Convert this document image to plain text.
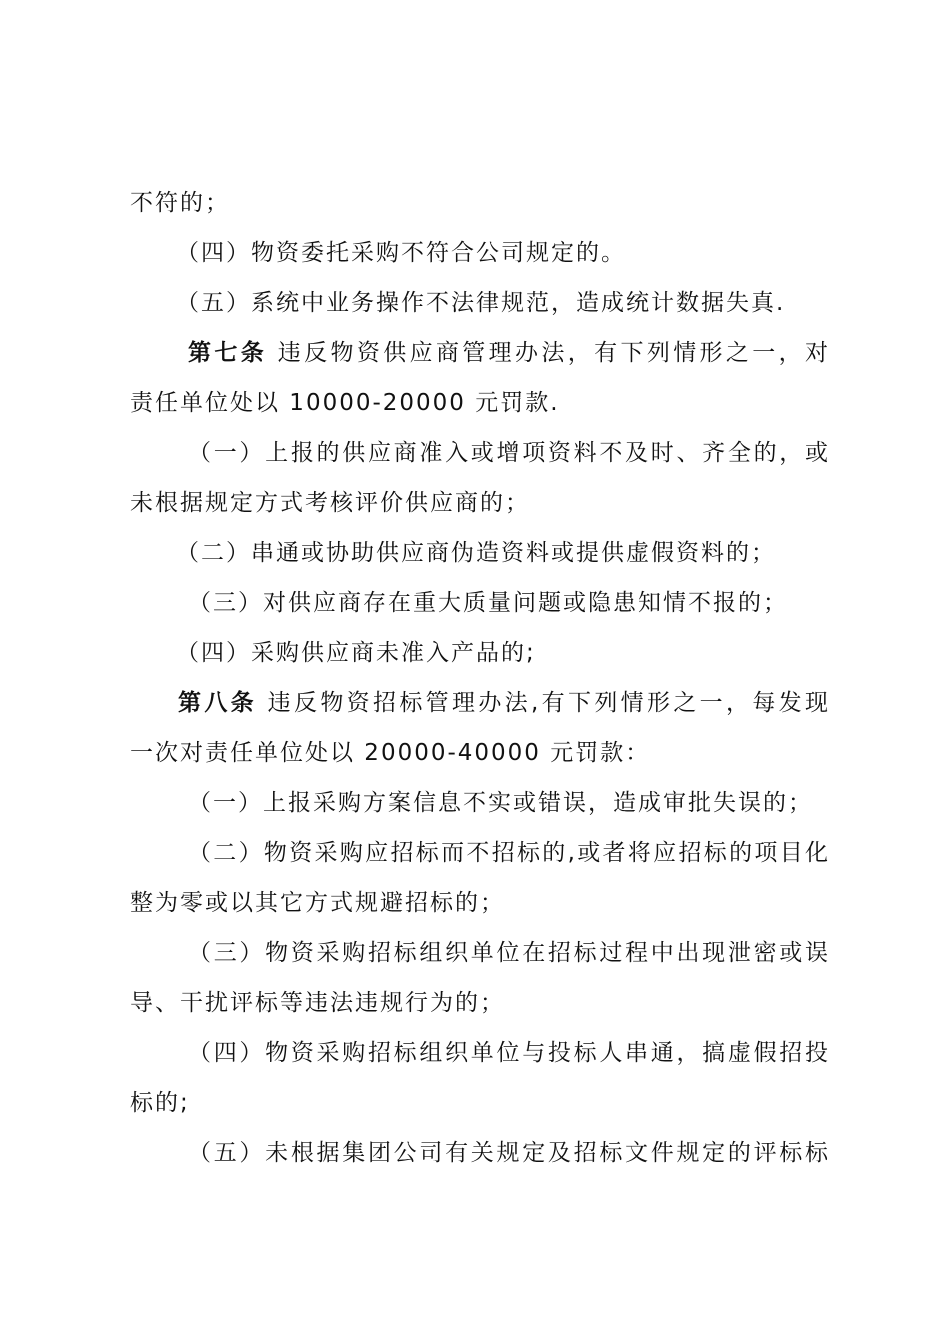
不符的；
（四）物资委托采购不符合公司规定的。
（五）系统中业务操作不法律规范，造成统计数据失真.
第七条 违反物资供应商管理办法，有下列情形之一，对
责任单位处以 10000-20000 元罚款.
（一）上报的供应商准入或增项资料不及时、齐全的，或
未根据规定方式考核评价供应商的；
（二）串通或协助供应商伪造资料或提供虚假资料的；
（三）对供应商存在重大质量问题或隐患知情不报的；
（四）采购供应商未准入产品的;
第八条 违反物资招标管理办法,有下列情形之一，每发现
一次对责任单位处以 20000-40000 元罚款：
（一）上报采购方案信息不实或错误，造成审批失误的；
（二）物资采购应招标而不招标的,或者将应招标的项目化
整为零或以其它方式规避招标的；
（三）物资采购招标组织单位在招标过程中出现泄密或误
导、干扰评标等违法违规行为的；
（四）物资采购招标组织单位与投标人串通，搞虚假招投
标的;
（五）未根据集团公司有关规定及招标文件规定的评标标
